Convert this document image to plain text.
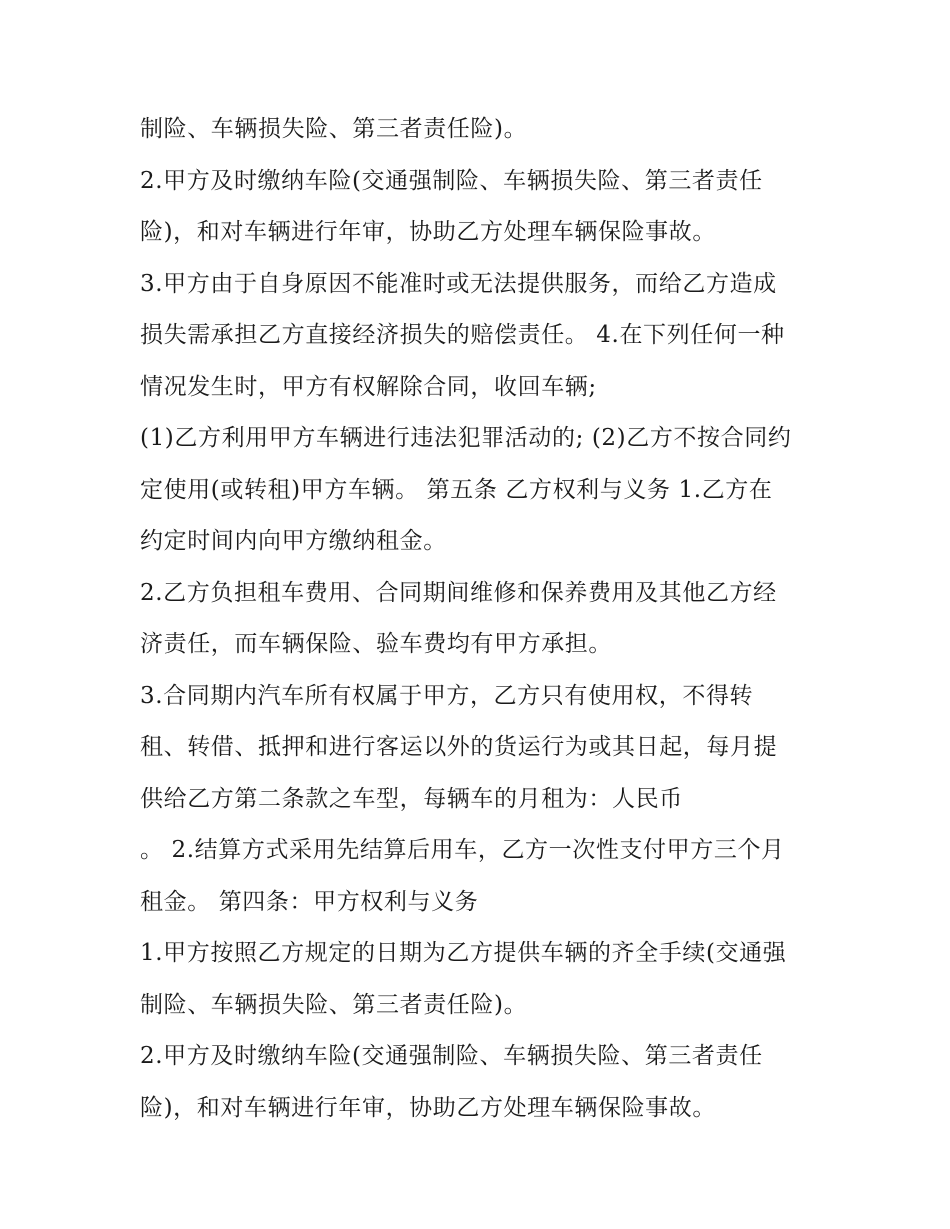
制险、车辆损失险、第三者责任险)。
2.甲方及时缴纳车险(交通强制险、车辆损失险、第三者责任
险)，和对车辆进行年审，协助乙方处理车辆保险事故。
3.甲方由于自身原因不能准时或无法提供服务，而给乙方造成
损失需承担乙方直接经济损失的赔偿责任。 4.在下列任何一种
情况发生时，甲方有权解除合同，收回车辆;
(1)乙方利用甲方车辆进行违法犯罪活动的; (2)乙方不按合同约
定使用(或转租)甲方车辆。 第五条 乙方权利与义务 1.乙方在
约定时间内向甲方缴纳租金。
2.乙方负担租车费用、合同期间维修和保养费用及其他乙方经
济责任，而车辆保险、验车费均有甲方承担。
3.合同期内汽车所有权属于甲方，乙方只有使用权，不得转
租、转借、抵押和进行客运以外的货运行为或其日起，每月提
供给乙方第二条款之车型，每辆车的月租为：人民币
。 2.结算方式采用先结算后用车，乙方一次性支付甲方三个月
租金。 第四条：甲方权利与义务
1.甲方按照乙方规定的日期为乙方提供车辆的齐全手续(交通强
制险、车辆损失险、第三者责任险)。
2.甲方及时缴纳车险(交通强制险、车辆损失险、第三者责任
险)，和对车辆进行年审，协助乙方处理车辆保险事故。
